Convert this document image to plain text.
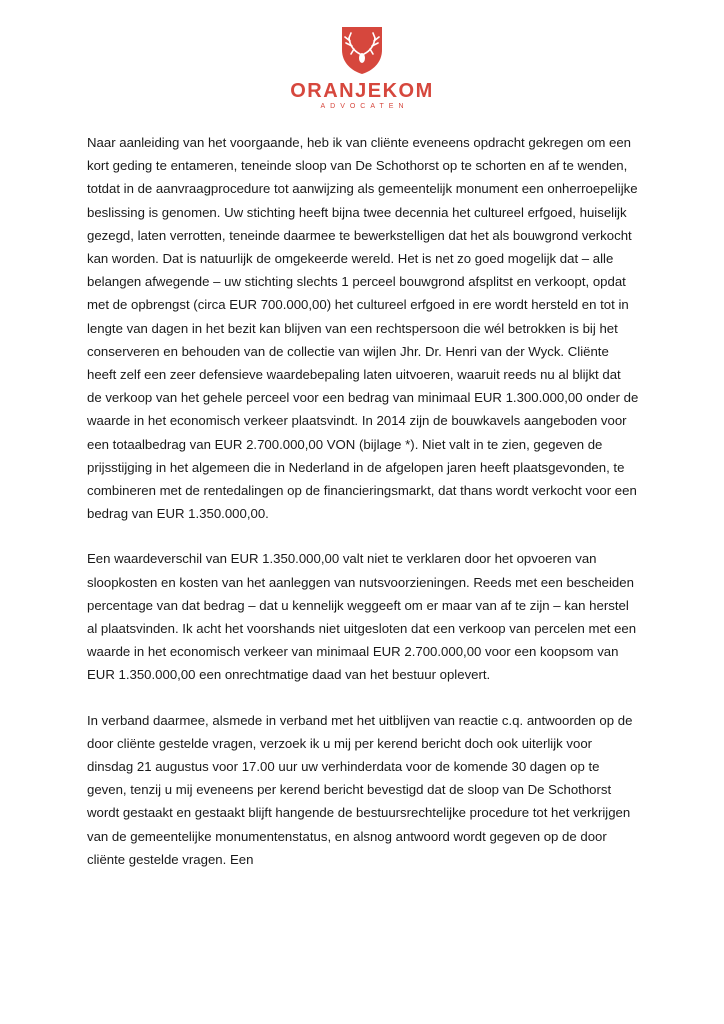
ORANJEKOM
ADVOCATEN

Naar aanleiding van het voorgaande, heb ik van cliënte eveneens opdracht gekregen om een kort geding te entameren, teneinde sloop van De Schothorst op te schorten en af te wenden, totdat in de aanvraagprocedure tot aanwijzing als gemeentelijk monument een onherroepelijke beslissing is genomen. Uw stichting heeft bijna twee decennia het cultureel erfgoed, huiselijk gezegd, laten verrotten, teneinde daarmee te bewerkstelligen dat het als bouwgrond verkocht kan worden. Dat is natuurlijk de omgekeerde wereld. Het is net zo goed mogelijk dat – alle belangen afwegende – uw stichting slechts 1 perceel bouwgrond afsplitst en verkoopt, opdat met de opbrengst (circa EUR 700.000,00) het cultureel erfgoed in ere wordt hersteld en tot in lengte van dagen in het bezit kan blijven van een rechtspersoon die wél betrokken is bij het conserveren en behouden van de collectie van wijlen Jhr. Dr. Henri van der Wyck. Cliënte heeft zelf een zeer defensieve waardebepaling laten uitvoeren, waaruit reeds nu al blijkt dat de verkoop van het gehele perceel voor een bedrag van minimaal EUR 1.300.000,00 onder de waarde in het economisch verkeer plaatsvindt. In 2014 zijn de bouwkavels aangeboden voor een totaalbedrag van EUR 2.700.000,00 VON (bijlage *). Niet valt in te zien, gegeven de prijsstijging in het algemeen die in Nederland in de afgelopen jaren heeft plaatsgevonden, te combineren met de rentedalingen op de financieringsmarkt, dat thans wordt verkocht voor een bedrag van EUR 1.350.000,00.

Een waardeverschil van EUR 1.350.000,00 valt niet te verklaren door het opvoeren van sloopkosten en kosten van het aanleggen van nutsvoorzieningen. Reeds met een bescheiden percentage van dat bedrag – dat u kennelijk weggeeft om er maar van af te zijn – kan herstel al plaatsvinden. Ik acht het voorshands niet uitgesloten dat een verkoop van percelen met een waarde in het economisch verkeer van minimaal EUR 2.700.000,00 voor een koopsom van EUR 1.350.000,00 een onrechtmatige daad van het bestuur oplevert.

In verband daarmee, alsmede in verband met het uitblijven van reactie c.q. antwoorden op de door cliënte gestelde vragen, verzoek ik u mij per kerend bericht doch ook uiterlijk voor dinsdag 21 augustus voor 17.00 uur uw verhinderdata voor de komende 30 dagen op te geven, tenzij u mij eveneens per kerend bericht bevestigd dat de sloop van De Schothorst wordt gestaakt en gestaakt blijft hangende de bestuursrechtelijke procedure tot het verkrijgen van de gemeentelijke monumentenstatus, en alsnog antwoord wordt gegeven op de door cliënte gestelde vragen. Een
